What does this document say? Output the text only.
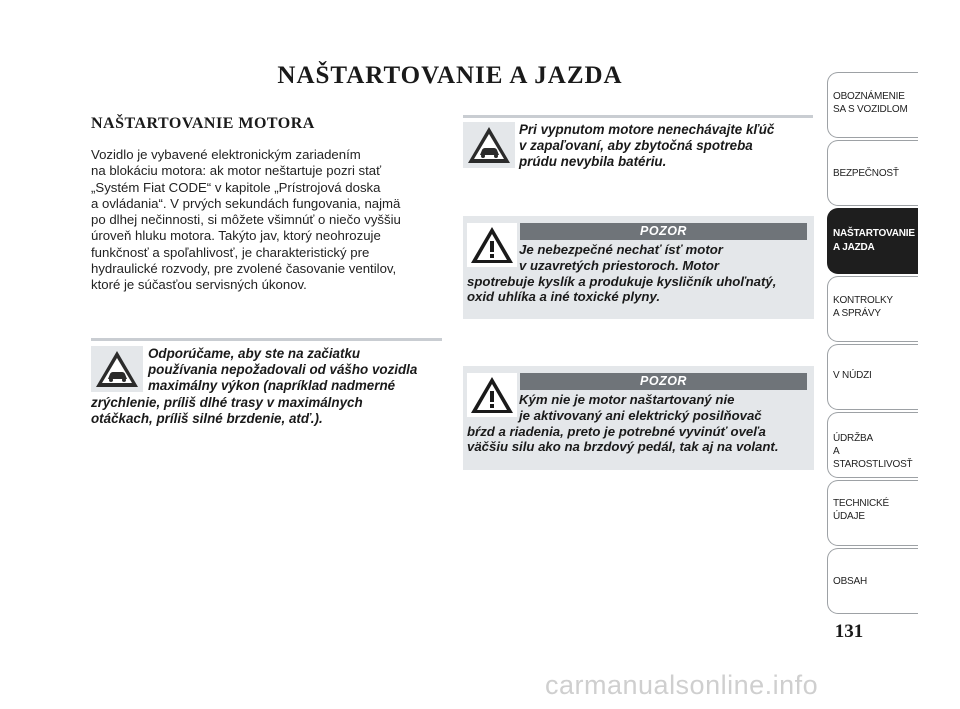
NAŠTARTOVANIE A JAZDA
NAŠTARTOVANIE MOTORA
Vozidlo je vybavené elektronickým zariadením
na blokáciu motora: ak motor neštartuje pozri stať
„Systém Fiat CODE“ v kapitole „Prístrojová doska
a ovládania“. V prvých sekundách fungovania, najmä
po dlhej nečinnosti, si môžete všimnúť o niečo vyššiu
úroveň hluku motora. Takýto jav, ktorý neohrozuje
funkčnosť a spoľahlivosť, je charakteristický pre
hydraulické rozvody, pre zvolené časovanie ventilov,
ktoré je súčasťou servisných úkonov.
Odporúčame, aby ste na začiatku
používania nepožadovali od vášho vozidla
maximálny výkon (napríklad nadmerné
zrýchlenie, príliš dlhé trasy v maximálnych
otáčkach, príliš silné brzdenie, atď.).
Pri vypnutom motore nenechávajte kľúč
v zapaľovaní, aby zbytočná spotreba
prúdu nevybila batériu.
POZOR
Je nebezpečné nechať ísť motor
v uzavretých priestoroch. Motor
spotrebuje kyslík a produkuje kysličník uhoľnatý,
oxid uhlíka a iné toxické plyny.
POZOR
Kým nie je motor naštartovaný nie
je aktivovaný ani elektrický posilňovač
bŕzd a riadenia, preto je potrebné vyvinúť oveľa
väčšiu silu ako na brzdový pedál, tak aj na volant.
OBOZNÁMENIE
SA S VOZIDLOM
BEZPEČNOSŤ
NAŠTARTOVANIE
A JAZDA
KONTROLKY
A SPRÁVY
V NÚDZI
ÚDRŽBA
A STAROSTLIVOSŤ
TECHNICKÉ
ÚDAJE
OBSAH
131
carmanualsonline.info
